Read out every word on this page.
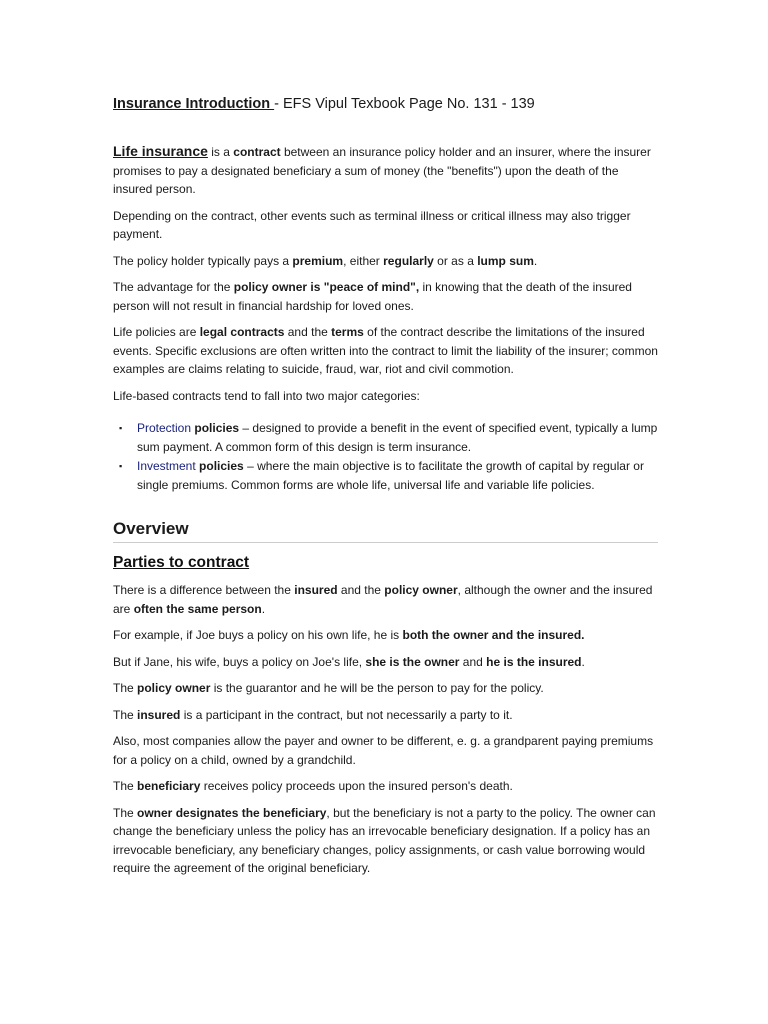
Insurance Introduction - EFS Vipul Texbook Page No. 131 - 139

Life insurance is a contract between an insurance policy holder and an insurer, where the insurer promises to pay a designated beneficiary a sum of money (the "benefits") upon the death of the insured person.

Depending on the contract, other events such as terminal illness or critical illness may also trigger payment.

The policy holder typically pays a premium, either regularly or as a lump sum.

The advantage for the policy owner is "peace of mind", in knowing that the death of the insured person will not result in financial hardship for loved ones.

Life policies are legal contracts and the terms of the contract describe the limitations of the insured events. Specific exclusions are often written into the contract to limit the liability of the insurer; common examples are claims relating to suicide, fraud, war, riot and civil commotion.

Life-based contracts tend to fall into two major categories:

▪ Protection policies – designed to provide a benefit in the event of specified event, typically a lump sum payment. A common form of this design is term insurance.
▪ Investment policies – where the main objective is to facilitate the growth of capital by regular or single premiums. Common forms are whole life, universal life and variable life policies.
Overview
Parties to contract

There is a difference between the insured and the policy owner, although the owner and the insured are often the same person.

For example, if Joe buys a policy on his own life, he is both the owner and the insured.

But if Jane, his wife, buys a policy on Joe's life, she is the owner and he is the insured.

The policy owner is the guarantor and he will be the person to pay for the policy.

The insured is a participant in the contract, but not necessarily a party to it.

Also, most companies allow the payer and owner to be different, e. g. a grandparent paying premiums for a policy on a child, owned by a grandchild.

The beneficiary receives policy proceeds upon the insured person's death.

The owner designates the beneficiary, but the beneficiary is not a party to the policy. The owner can change the beneficiary unless the policy has an irrevocable beneficiary designation. If a policy has an irrevocable beneficiary, any beneficiary changes, policy assignments, or cash value borrowing would require the agreement of the original beneficiary.
